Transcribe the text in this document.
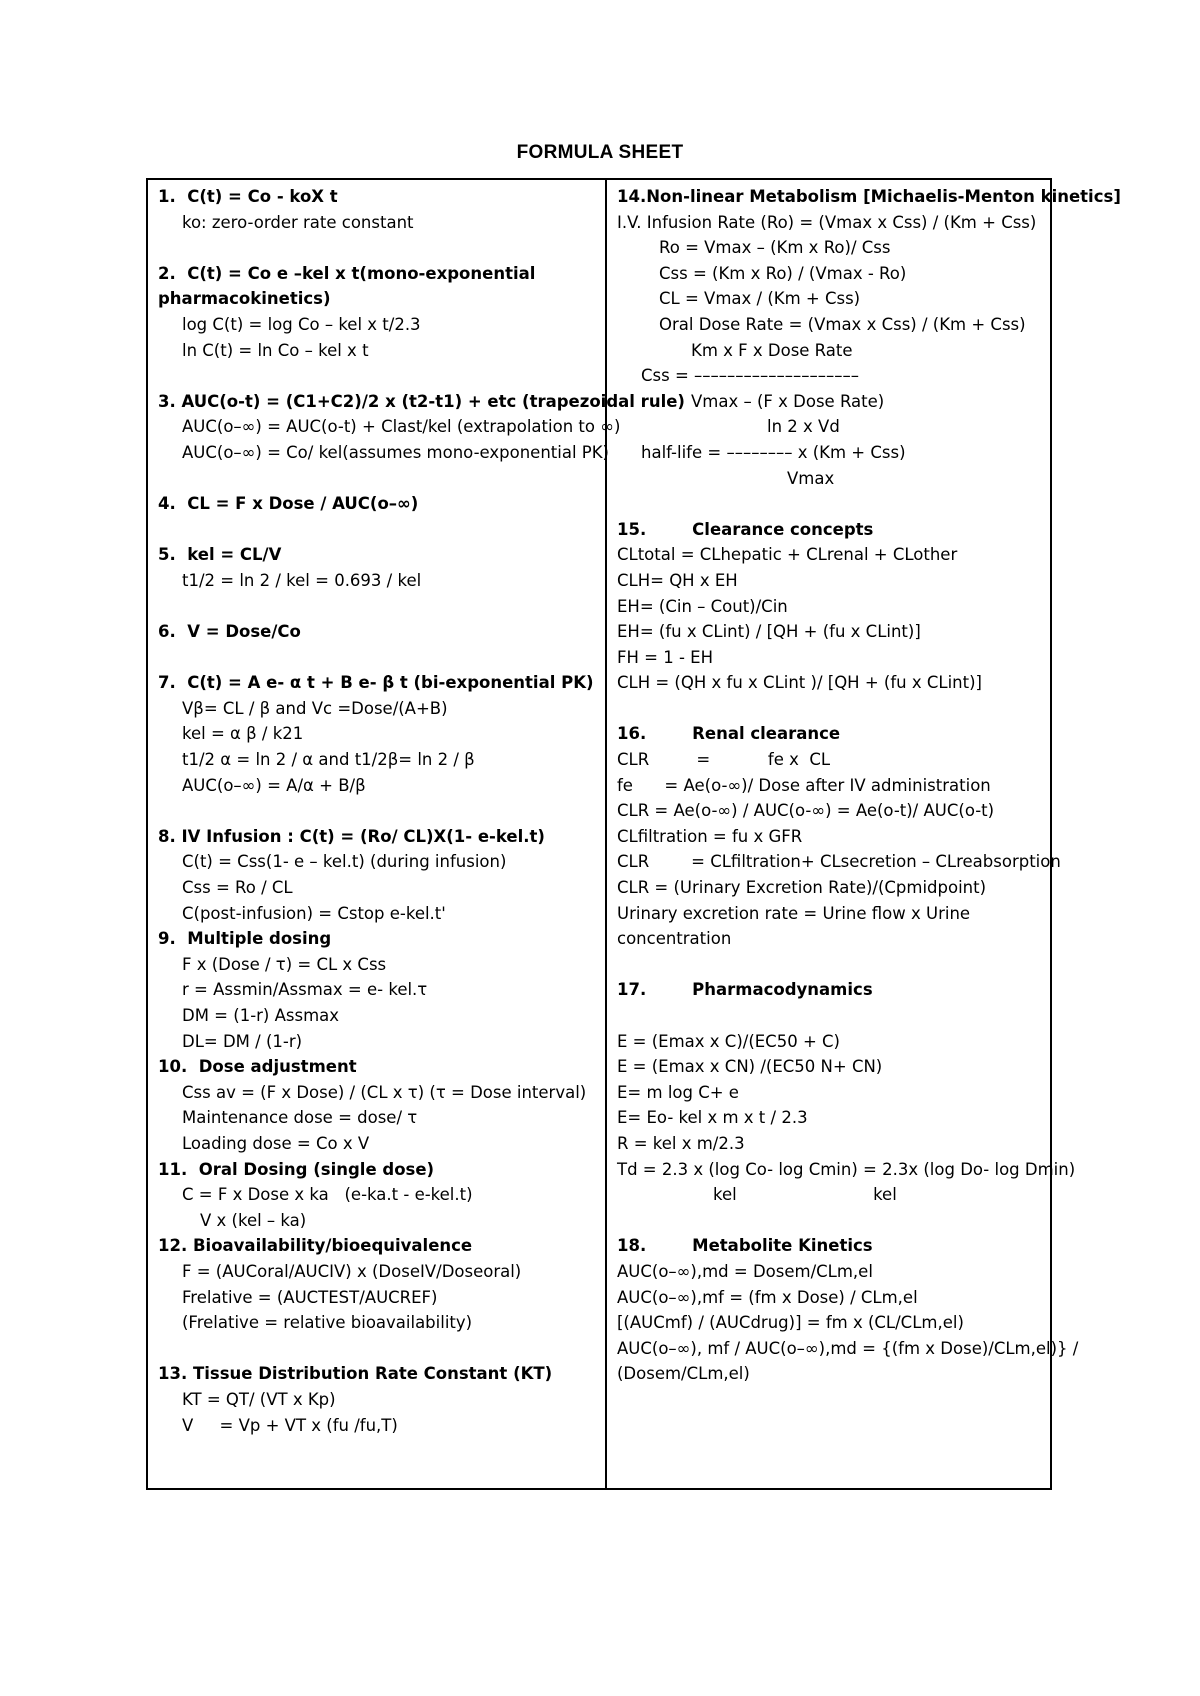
FORMULA SHEET
1.  C(t) = Co - koX t
ko: zero-order rate constant
2.  C(t) = Co e –kel x t(mono-exponential
pharmacokinetics)
log C(t) = log Co – kel x t/2.3
ln C(t) = ln Co – kel x t
3. AUC(o-t) = (C1+C2)/2 x (t2-t1) + etc (trapezoidal rule)
AUC(o–∞) = AUC(o-t) + Clast/kel (extrapolation to ∞)
AUC(o–∞) = Co/ kel(assumes mono-exponential PK)
4.  CL = F x Dose / AUC(o–∞)
5.  kel = CL/V
t1/2 = ln 2 / kel = 0.693 / kel
6.  V = Dose/Co
7.  C(t) = A e- α t + B e- β t (bi-exponential PK)
Vβ= CL / β and Vc =Dose/(A+B)
kel = α β / k21
t1/2 α = ln 2 / α and t1/2β= ln 2 / β
AUC(o–∞) = A/α + B/β
8. IV Infusion : C(t) = (Ro/ CL)X(1- e-kel.t)
C(t) = Css(1- e – kel.t) (during infusion)
Css = Ro / CL
C(post-infusion) = Cstop e-kel.t'
9.  Multiple dosing
F x (Dose / τ) = CL x Css
r = Assmin/Assmax = e- kel.τ
DM = (1-r) Assmax
DL= DM / (1-r)
10.  Dose adjustment
Css av = (F x Dose) / (CL x τ) (τ = Dose interval)
Maintenance dose = dose/ τ
Loading dose = Co x V
11.  Oral Dosing (single dose)
C = F x Dose x ka   (e-ka.t - e-kel.t)
V x (kel – ka)
12. Bioavailability/bioequivalence
F = (AUCoral/AUCIV) x (DoseIV/Doseoral)
Frelative = (AUCTEST/AUCREF)
(Frelative = relative bioavailability)
13. Tissue Distribution Rate Constant (KT)
KT = QT/ (VT x Kp)
V     = Vp + VT x (fu /fu,T)
14.Non-linear Metabolism [Michaelis-Menton kinetics]
I.V. Infusion Rate (Ro) = (Vmax x Css) / (Km + Css)
Ro = Vmax – (Km x Ro)/ Css
Css = (Km x Ro) / (Vmax - Ro)
CL = Vmax / (Km + Css)
Oral Dose Rate = (Vmax x Css) / (Km + Css)
Km x F x Dose Rate
Css = ––––––––––––––––––––
Vmax – (F x Dose Rate)
ln 2 x Vd
half-life = –––––––– x (Km + Css)
Vmax
15.        Clearance concepts
CLtotal = CLhepatic + CLrenal + CLother
CLH= QH x EH
EH= (Cin – Cout)/Cin
EH= (fu x CLint) / [QH + (fu x CLint)]
FH = 1 - EH
CLH = (QH x fu x CLint )/ [QH + (fu x CLint)]
16.        Renal clearance
CLR         =           fe x  CL
fe      = Ae(o-∞)/ Dose after IV administration
CLR = Ae(o-∞) / AUC(o-∞) = Ae(o-t)/ AUC(o-t)
CLfiltration = fu x GFR
CLR        = CLfiltration+ CLsecretion – CLreabsorption
CLR = (Urinary Excretion Rate)/(Cpmidpoint)
Urinary excretion rate = Urine flow x Urine
concentration
17.        Pharmacodynamics
E = (Emax x C)/(EC50 + C)
E = (Emax x CN) /(EC50 N+ CN)
E= m log C+ e
E= Eo- kel x m x t / 2.3
R = kel x m/2.3
Td = 2.3 x (log Co- log Cmin) = 2.3x (log Do- log Dmin)
kel                          kel
18.        Metabolite Kinetics
AUC(o–∞),md = Dosem/CLm,el
AUC(o–∞),mf = (fm x Dose) / CLm,el
[(AUCmf) / (AUCdrug)] = fm x (CL/CLm,el)
AUC(o–∞), mf / AUC(o–∞),md = {(fm x Dose)/CLm,el)} /
(Dosem/CLm,el)
